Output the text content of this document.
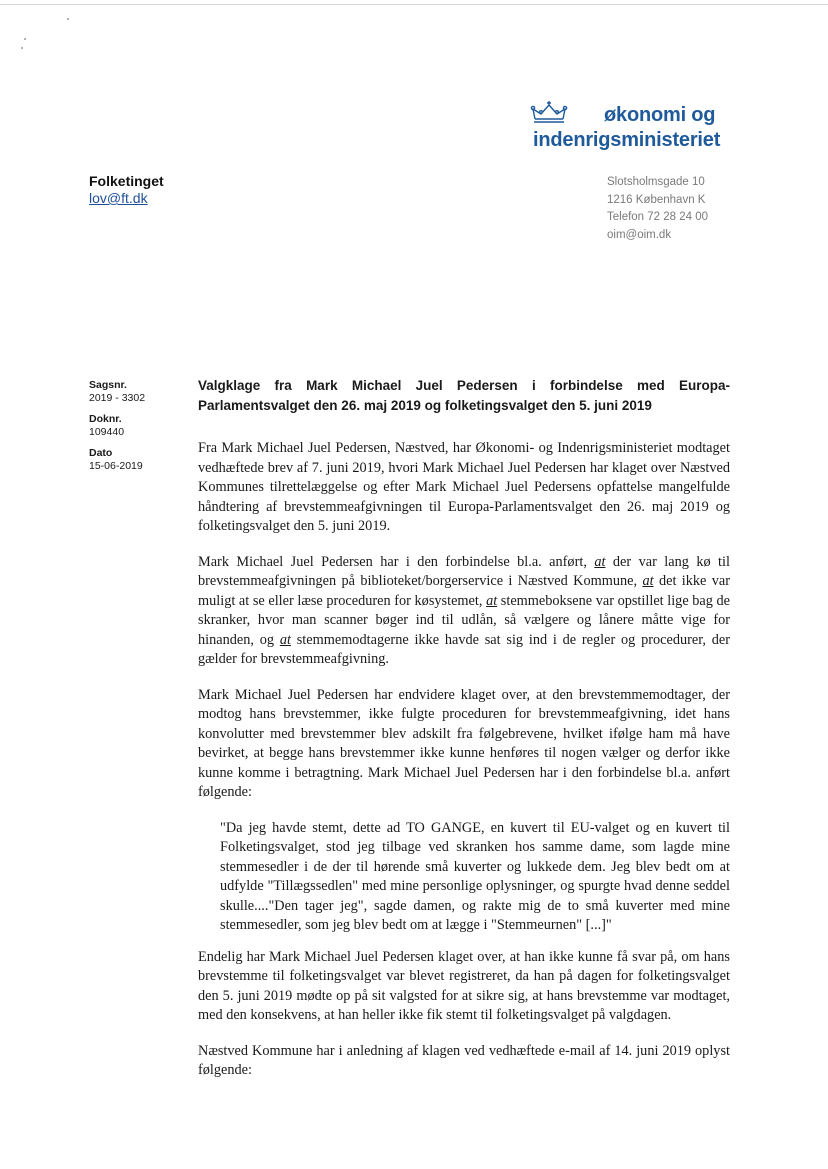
økonomi og
indenrigsministeriet
Folketinget
lov@ft.dk
Slotsholmsgade 10
1216 København K
Telefon 72 28 24 00
oim@oim.dk
Sagsnr.
2019 - 3302
Doknr.
109440
Dato
15-06-2019
Valgklage fra Mark Michael Juel Pedersen i forbindelse med Europa-Parlamentsvalget den 26. maj 2019 og folketingsvalget den 5. juni 2019

Fra Mark Michael Juel Pedersen, Næstved, har Økonomi- og Indenrigsministeriet modtaget vedhæftede brev af 7. juni 2019, hvori Mark Michael Juel Pedersen har klaget over Næstved Kommunes tilrettelæggelse og efter Mark Michael Juel Pedersens opfattelse mangelfulde håndtering af brevstemmeafgivningen til Europa-Parlamentsvalget den 26. maj 2019 og folketingsvalget den 5. juni 2019.

Mark Michael Juel Pedersen har i den forbindelse bl.a. anført, at der var lang kø til brevstemmeafgivningen på biblioteket/borgerservice i Næstved Kommune, at det ikke var muligt at se eller læse proceduren for køsystemet, at stemmeboksene var opstillet lige bag de skranker, hvor man scanner bøger ind til udlån, så vælgere og lånere måtte vige for hinanden, og at stemmemodtagerne ikke havde sat sig ind i de regler og procedurer, der gælder for brevstemmeafgivning.

Mark Michael Juel Pedersen har endvidere klaget over, at den brevstemmemodtager, der modtog hans brevstemmer, ikke fulgte proceduren for brevstemmeafgivning, idet hans konvolutter med brevstemmer blev adskilt fra følgebrevene, hvilket ifølge ham må have bevirket, at begge hans brevstemmer ikke kunne henføres til nogen vælger og derfor ikke kunne komme i betragtning. Mark Michael Juel Pedersen har i den forbindelse bl.a. anført følgende:

"Da jeg havde stemt, dette ad TO GANGE, en kuvert til EU-valget og en kuvert til Folketingsvalget, stod jeg tilbage ved skranken hos samme dame, som lagde mine stemmesedler i de der til hørende små kuverter og lukkede dem. Jeg blev bedt om at udfylde "Tillægssedlen" med mine personlige oplysninger, og spurgte hvad denne seddel skulle...."Den tager jeg", sagde damen, og rakte mig de to små kuverter med mine stemmesedler, som jeg blev bedt om at lægge i "Stemmeurnen" [...]"

Endelig har Mark Michael Juel Pedersen klaget over, at han ikke kunne få svar på, om hans brevstemme til folketingsvalget var blevet registreret, da han på dagen for folketingsvalget den 5. juni 2019 mødte op på sit valgsted for at sikre sig, at hans brevstemme var modtaget, med den konsekvens, at han heller ikke fik stemt til folketingsvalget på valgdagen.

Næstved Kommune har i anledning af klagen ved vedhæftede e-mail af 14. juni 2019 oplyst følgende:
